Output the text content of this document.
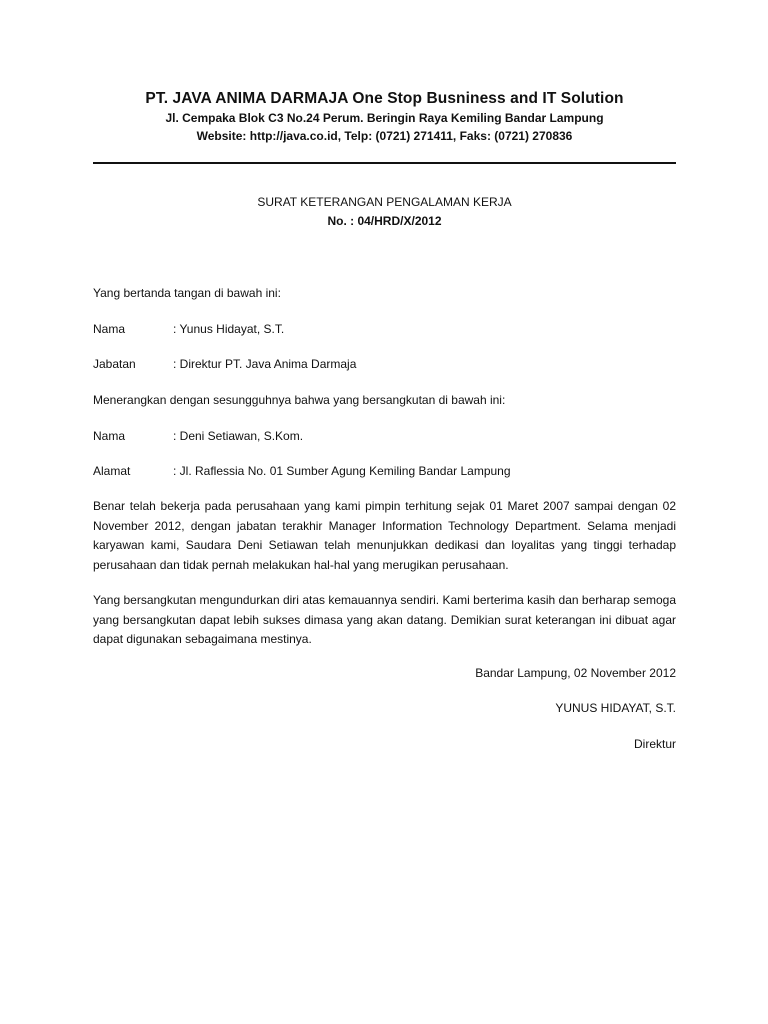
PT. JAVA ANIMA DARMAJA One Stop Busniness and IT Solution
Jl. Cempaka Blok C3 No.24 Perum. Beringin Raya Kemiling Bandar Lampung
Website: http://java.co.id, Telp: (0721) 271411, Faks: (0721) 270836
SURAT KETERANGAN PENGALAMAN KERJA
No. : 04/HRD/X/2012
Yang bertanda tangan di bawah ini:
Nama	: Yunus Hidayat, S.T.
Jabatan	: Direktur PT. Java Anima Darmaja
Menerangkan dengan sesungguhnya bahwa yang bersangkutan di bawah ini:
Nama	: Deni Setiawan, S.Kom.
Alamat	: Jl. Raflessia No. 01 Sumber Agung Kemiling Bandar Lampung
Benar telah bekerja pada perusahaan yang kami pimpin terhitung sejak 01 Maret 2007 sampai dengan 02 November 2012, dengan jabatan terakhir Manager Information Technology Department. Selama menjadi karyawan kami, Saudara Deni Setiawan telah menunjukkan dedikasi dan loyalitas yang tinggi terhadap perusahaan dan tidak pernah melakukan hal-hal yang merugikan perusahaan.
Yang bersangkutan mengundurkan diri atas kemauannya sendiri. Kami berterima kasih dan berharap semoga yang bersangkutan dapat lebih sukses dimasa yang akan datang. Demikian surat keterangan ini dibuat agar dapat digunakan sebagaimana mestinya.
Bandar Lampung, 02 November 2012
YUNUS HIDAYAT, S.T.
Direktur
